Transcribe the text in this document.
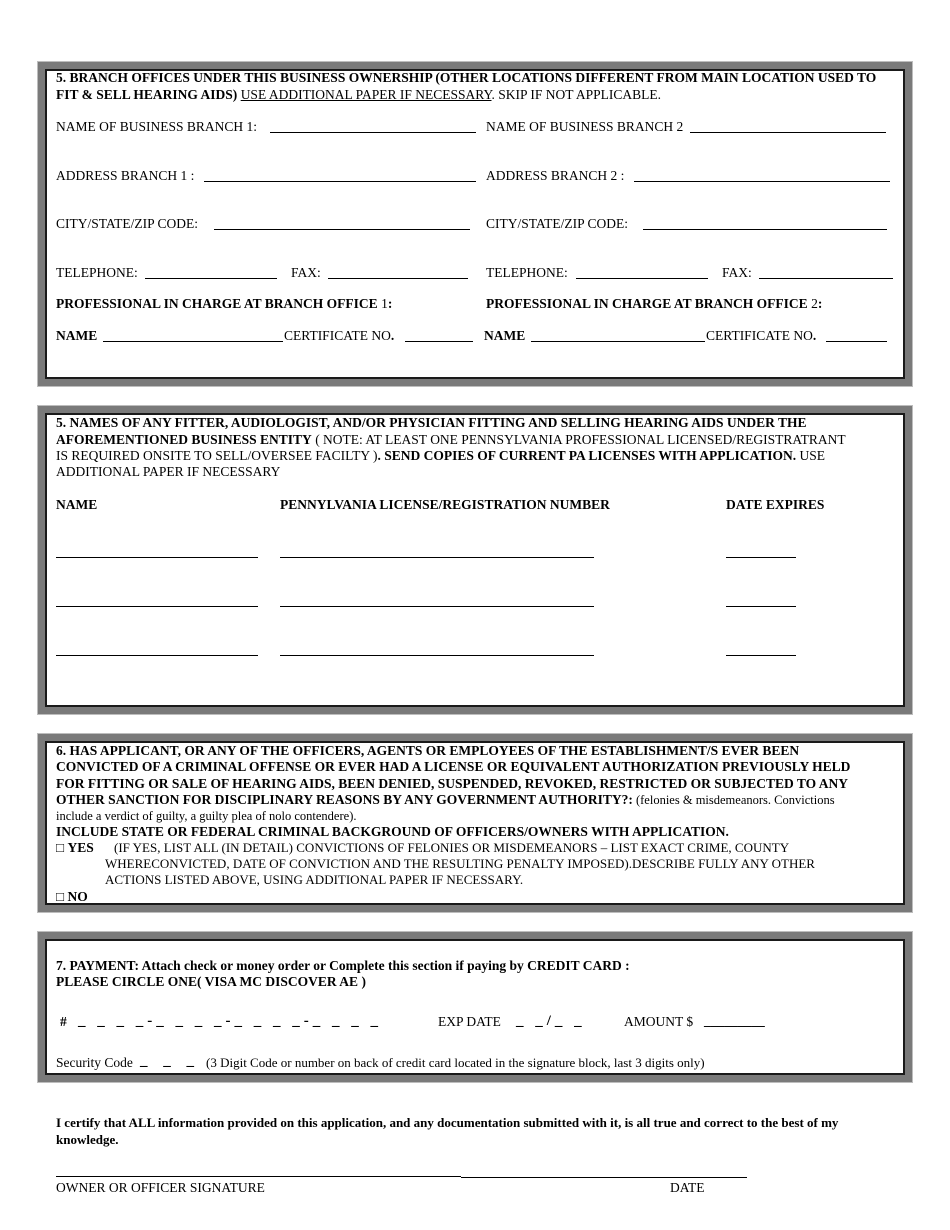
5. BRANCH OFFICES UNDER THIS BUSINESS OWNERSHIP (OTHER LOCATIONS DIFFERENT FROM MAIN LOCATION USED TO FIT & SELL HEARING AIDS) USE ADDITIONAL PAPER IF NECESSARY. SKIP IF NOT APPLICABLE.
NAME OF BUSINESS BRANCH 1:	NAME OF BUSINESS BRANCH 2
ADDRESS BRANCH 1 :	ADDRESS BRANCH 2 :
CITY/STATE/ZIP CODE:	CITY/STATE/ZIP CODE:
TELEPHONE:	FAX:	TELEPHONE:	FAX:
PROFESSIONAL IN CHARGE AT BRANCH OFFICE 1:	PROFESSIONAL IN CHARGE AT BRANCH OFFICE 2:
NAME	CERTIFICATE NO.	NAME	CERTIFICATE NO.
5. NAMES OF ANY FITTER, AUDIOLOGIST, AND/OR PHYSICIAN FITTING AND SELLING HEARING AIDS UNDER THE
AFOREMENTIONED BUSINESS ENTITY ( NOTE: AT LEAST ONE PENNSYLVANIA PROFESSIONAL LICENSED/REGISTRATRANT
IS REQUIRED ONSITE TO SELL/OVERSEE FACILTY ). SEND COPIES OF CURRENT PA LICENSES WITH APPLICATION. USE
ADDITIONAL PAPER IF NECESSARY
NAME	PENNYLVANIA LICENSE/REGISTRATION NUMBER	DATE EXPIRES
6. HAS APPLICANT, OR ANY OF THE OFFICERS, AGENTS OR EMPLOYEES OF THE ESTABLISHMENT/S EVER BEEN
CONVICTED OF A CRIMINAL OFFENSE OR EVER HAD A LICENSE OR EQUIVALENT AUTHORIZATION PREVIOUSLY HELD
FOR FITTING OR SALE OF HEARING AIDS, BEEN DENIED, SUSPENDED, REVOKED, RESTRICTED OR SUBJECTED TO ANY
OTHER SANCTION FOR DISCIPLINARY REASONS BY ANY GOVERNMENT AUTHORITY?: (felonies & misdemeanors. Convictions
include a verdict of guilty, a guilty plea of nolo contendere).
INCLUDE STATE OR FEDERAL CRIMINAL BACKGROUND OF OFFICERS/OWNERS WITH APPLICATION.
□ YES (IF YES, LIST ALL (IN DETAIL) CONVICTIONS OF FELONIES OR MISDEMEANORS – LIST EXACT CRIME, COUNTY
WHERECONVICTED, DATE OF CONVICTION AND THE RESULTING PENALTY IMPOSED).DESCRIBE FULLY ANY OTHER
ACTIONS LISTED ABOVE, USING ADDITIONAL PAPER IF NECESSARY.
□ NO
7. PAYMENT: Attach check or money order or Complete this section if paying by CREDIT CARD :
PLEASE CIRCLE ONE( VISA MC DISCOVER AE )
# _ _ _ _-_ _ _ _-_ _ _ _-_ _ _ _	EXP DATE _ _/_ _	AMOUNT $ _________
Security Code _ _ _ (3 Digit Code or number on back of credit card located in the signature block, last 3 digits only)
I certify that ALL information provided on this application, and any documentation submitted with it, is all true and correct to the best of my knowledge.
OWNER OR OFFICER SIGNATURE	DATE
